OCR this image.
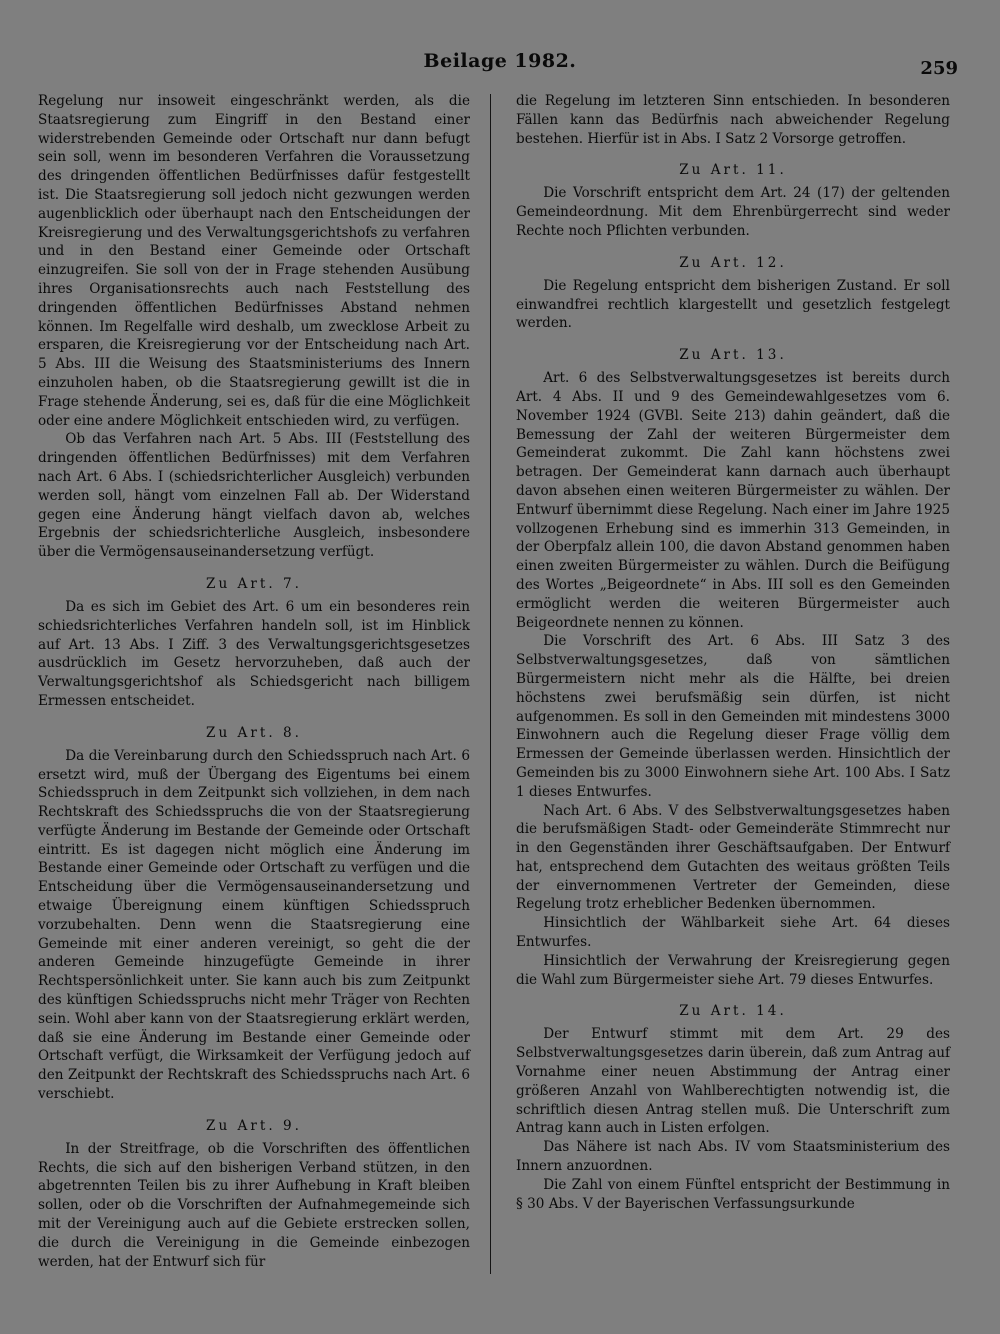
Beilage 1982.	259

Regelung nur insoweit eingeschränkt werden, als die Staatsregierung zum Eingriff in den Bestand einer widerstrebenden Gemeinde oder Ortschaft nur dann befugt sein soll, wenn im besonderen Verfahren die Voraussetzung des dringenden öffentlichen Bedürfnisses dafür festgestellt ist. Die Staatsregierung soll jedoch nicht gezwungen werden augenblicklich oder überhaupt nach den Entscheidungen der Kreisregierung und des Verwaltungsgerichtshofs zu verfahren und in den Bestand einer Gemeinde oder Ortschaft einzugreifen. Sie soll von der in Frage stehenden Ausübung ihres Organisationsrechts auch nach Feststellung des dringenden öffentlichen Bedürfnisses Abstand nehmen können. Im Regelfalle wird deshalb, um zwecklose Arbeit zu ersparen, die Kreisregierung vor der Entscheidung nach Art. 5 Abs. III die Weisung des Staatsministeriums des Innern einzuholen haben, ob die Staatsregierung gewillt ist die in Frage stehende Änderung, sei es, daß für die eine Möglichkeit oder eine andere Möglichkeit entschieden wird, zu verfügen.

Ob das Verfahren nach Art. 5 Abs. III (Feststellung des dringenden öffentlichen Bedürfnisses) mit dem Verfahren nach Art. 6 Abs. I (schiedsrichterlicher Ausgleich) verbunden werden soll, hängt vom einzelnen Fall ab. Der Widerstand gegen eine Änderung hängt vielfach davon ab, welches Ergebnis der schiedsrichterliche Ausgleich, insbesondere über die Vermögensauseinandersetzung verfügt.

Zu Art. 7.

Da es sich im Gebiet des Art. 6 um ein besonderes rein schiedsrichterliches Verfahren handeln soll, ist im Hinblick auf Art. 13 Abs. I Ziff. 3 des Verwaltungsgerichtsgesetzes ausdrücklich im Gesetz hervorzuheben, daß auch der Verwaltungsgerichtshof als Schiedsgericht nach billigem Ermessen entscheidet.

Zu Art. 8.

Da die Vereinbarung durch den Schiedsspruch nach Art. 6 ersetzt wird, muß der Übergang des Eigentums bei einem Schiedsspruch in dem Zeitpunkt sich vollziehen, in dem nach Rechtskraft des Schiedsspruchs die von der Staatsregierung verfügte Änderung im Bestande der Gemeinde oder Ortschaft eintritt. Es ist dagegen nicht möglich eine Änderung im Bestande einer Gemeinde oder Ortschaft zu verfügen und die Entscheidung über die Vermögensauseinandersetzung und etwaige Übereignung einem künftigen Schiedsspruch vorzubehalten. Denn wenn die Staatsregierung eine Gemeinde mit einer anderen vereinigt, so geht die der anderen Gemeinde hinzugefügte Gemeinde in ihrer Rechtspersönlichkeit unter. Sie kann auch bis zum Zeitpunkt des künftigen Schiedsspruchs nicht mehr Träger von Rechten sein. Wohl aber kann von der Staatsregierung erklärt werden, daß sie eine Änderung im Bestande einer Gemeinde oder Ortschaft verfügt, die Wirksamkeit der Verfügung jedoch auf den Zeitpunkt der Rechtskraft des Schiedsspruchs nach Art. 6 verschiebt.

Zu Art. 9.

In der Streitfrage, ob die Vorschriften des öffentlichen Rechts, die sich auf den bisherigen Verband stützen, in den abgetrennten Teilen bis zu ihrer Aufhebung in Kraft bleiben sollen, oder ob die Vorschriften der Aufnahmegemeinde sich mit der Vereinigung auch auf die Gebiete erstrecken sollen, die durch die Vereinigung in die Gemeinde einbezogen werden, hat der Entwurf sich für

die Regelung im letzteren Sinn entschieden. In besonderen Fällen kann das Bedürfnis nach abweichender Regelung bestehen. Hierfür ist in Abs. I Satz 2 Vorsorge getroffen.

Zu Art. 11.

Die Vorschrift entspricht dem Art. 24 (17) der geltenden Gemeindeordnung. Mit dem Ehrenbürgerrecht sind weder Rechte noch Pflichten verbunden.

Zu Art. 12.

Die Regelung entspricht dem bisherigen Zustand. Er soll einwandfrei rechtlich klargestellt und gesetzlich festgelegt werden.

Zu Art. 13.

Art. 6 des Selbstverwaltungsgesetzes ist bereits durch Art. 4 Abs. II und 9 des Gemeindewahlgesetzes vom 6. November 1924 (GVBl. Seite 213) dahin geändert, daß die Bemessung der Zahl der weiteren Bürgermeister dem Gemeinderat zukommt. Die Zahl kann höchstens zwei betragen. Der Gemeinderat kann darnach auch überhaupt davon absehen einen weiteren Bürgermeister zu wählen. Der Entwurf übernimmt diese Regelung. Nach einer im Jahre 1925 vollzogenen Erhebung sind es immerhin 313 Gemeinden, in der Oberpfalz allein 100, die davon Abstand genommen haben einen zweiten Bürgermeister zu wählen. Durch die Beifügung des Wortes „Beigeordnete“ in Abs. III soll es den Gemeinden ermöglicht werden die weiteren Bürgermeister auch Beigeordnete nennen zu können.

Die Vorschrift des Art. 6 Abs. III Satz 3 des Selbstverwaltungsgesetzes, daß von sämtlichen Bürgermeistern nicht mehr als die Hälfte, bei dreien höchstens zwei berufsmäßig sein dürfen, ist nicht aufgenommen. Es soll in den Gemeinden mit mindestens 3000 Einwohnern auch die Regelung dieser Frage völlig dem Ermessen der Gemeinde überlassen werden. Hinsichtlich der Gemeinden bis zu 3000 Einwohnern siehe Art. 100 Abs. I Satz 1 dieses Entwurfes.

Nach Art. 6 Abs. V des Selbstverwaltungsgesetzes haben die berufsmäßigen Stadt- oder Gemeinderäte Stimmrecht nur in den Gegenständen ihrer Geschäftsaufgaben. Der Entwurf hat, entsprechend dem Gutachten des weitaus größten Teils der einvernommenen Vertreter der Gemeinden, diese Regelung trotz erheblicher Bedenken übernommen.

Hinsichtlich der Wählbarkeit siehe Art. 64 dieses Entwurfes.

Hinsichtlich der Verwahrung der Kreisregierung gegen die Wahl zum Bürgermeister siehe Art. 79 dieses Entwurfes.

Zu Art. 14.

Der Entwurf stimmt mit dem Art. 29 des Selbstverwaltungsgesetzes darin überein, daß zum Antrag auf Vornahme einer neuen Abstimmung der Antrag einer größeren Anzahl von Wahlberechtigten notwendig ist, die schriftlich diesen Antrag stellen muß. Die Unterschrift zum Antrag kann auch in Listen erfolgen.

Das Nähere ist nach Abs. IV vom Staatsministerium des Innern anzuordnen.

Die Zahl von einem Fünftel entspricht der Bestimmung in § 30 Abs. V der Bayerischen Verfassungsurkunde
